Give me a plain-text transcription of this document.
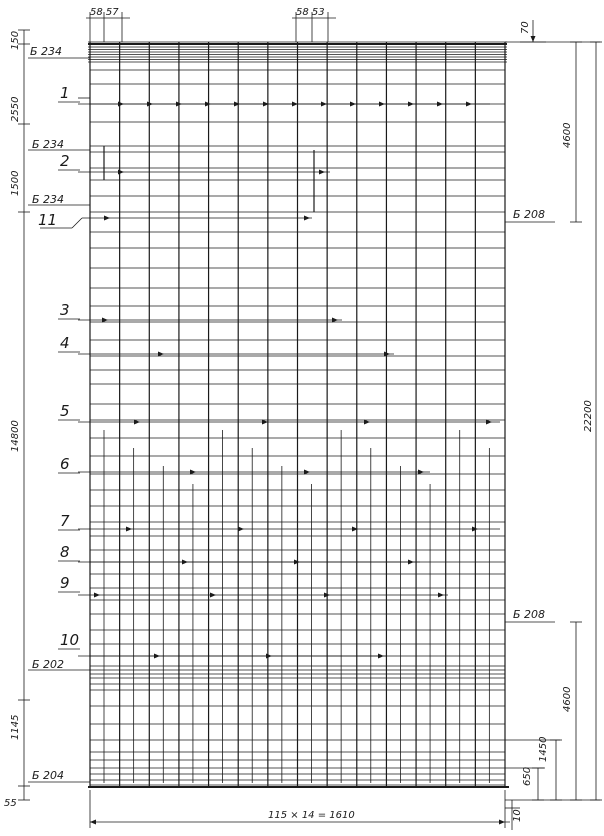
58 57	58 53
70
150
2550
1500
14800
1145
55
4600
22200
4600
1450
650
115 × 14 = 1610	10
Б 234
Б 234
Б 234
Б 208
Б 208
Б 202
Б 204
1
2
11
3
4
5
6
7
8
9
10
